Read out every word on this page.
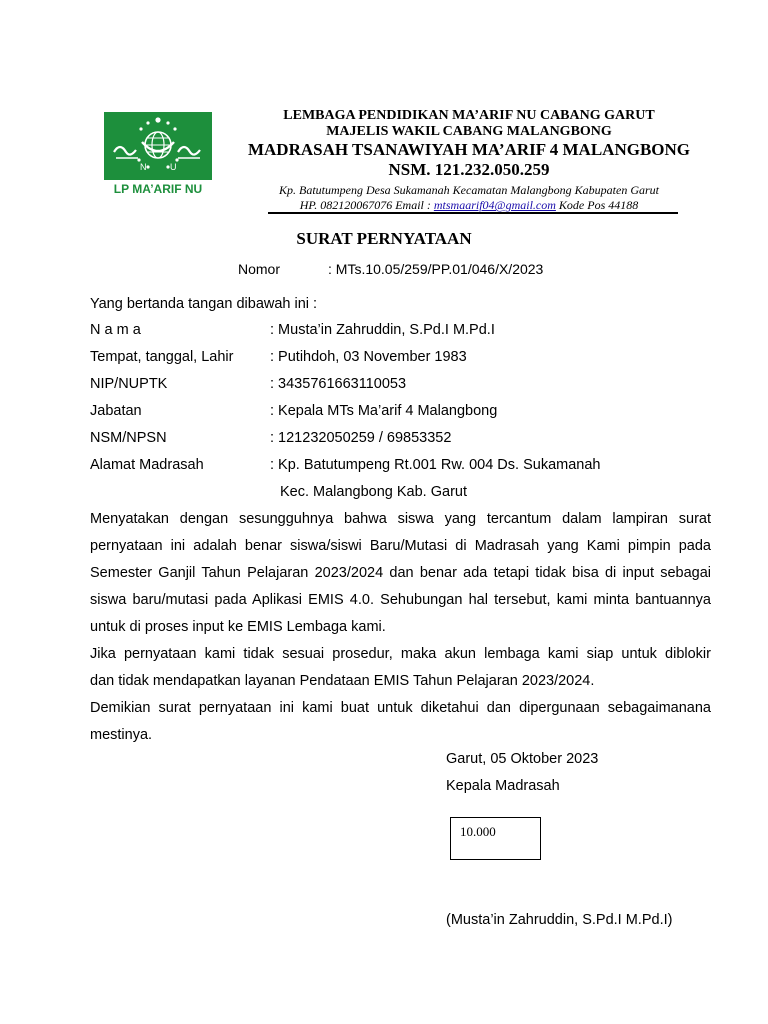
N	U
LP MA’ARIF NU
LEMBAGA PENDIDIKAN MA’ARIF NU CABANG GARUT
MAJELIS WAKIL CABANG MALANGBONG
MADRASAH TSANAWIYAH MA’ARIF 4 MALANGBONG
NSM. 121.232.050.259
Kp. Batutumpeng Desa Sukamanah Kecamatan Malangbong Kabupaten Garut
HP. 082120067076 Email : mtsmaarif04@gmail.com Kode Pos 44188
SURAT PERNYATAAN
Nomor	: MTs.10.05/259/PP.01/046/X/2023
Yang bertanda tangan dibawah ini :
N a m a	: Musta’in Zahruddin, S.Pd.I M.Pd.I
Tempat, tanggal, Lahir	: Putihdoh, 03 November 1983
NIP/NUPTK	: 3435761663110053
Jabatan	: Kepala MTs Ma’arif 4 Malangbong
NSM/NPSN	: 121232050259 / 69853352
Alamat Madrasah	: Kp. Batutumpeng Rt.001 Rw. 004 Ds. Sukamanah
Kec. Malangbong Kab. Garut
Menyatakan dengan sesungguhnya bahwa siswa yang tercantum dalam lampiran surat
pernyataan ini adalah benar siswa/siswi Baru/Mutasi di Madrasah yang Kami pimpin pada
Semester Ganjil Tahun Pelajaran 2023/2024 dan benar ada tetapi tidak bisa di input sebagai
siswa baru/mutasi pada Aplikasi EMIS 4.0. Sehubungan hal tersebut, kami minta bantuannya
untuk di proses input ke EMIS Lembaga kami.
Jika pernyataan kami tidak sesuai prosedur, maka akun lembaga kami siap untuk diblokir
dan tidak mendapatkan layanan Pendataan EMIS Tahun Pelajaran 2023/2024.
Demikian surat pernyataan ini kami buat untuk diketahui dan dipergunaan sebagaimanana
mestinya.
Garut, 05 Oktober 2023
Kepala Madrasah
10.000
(Musta’in Zahruddin, S.Pd.I M.Pd.I)
